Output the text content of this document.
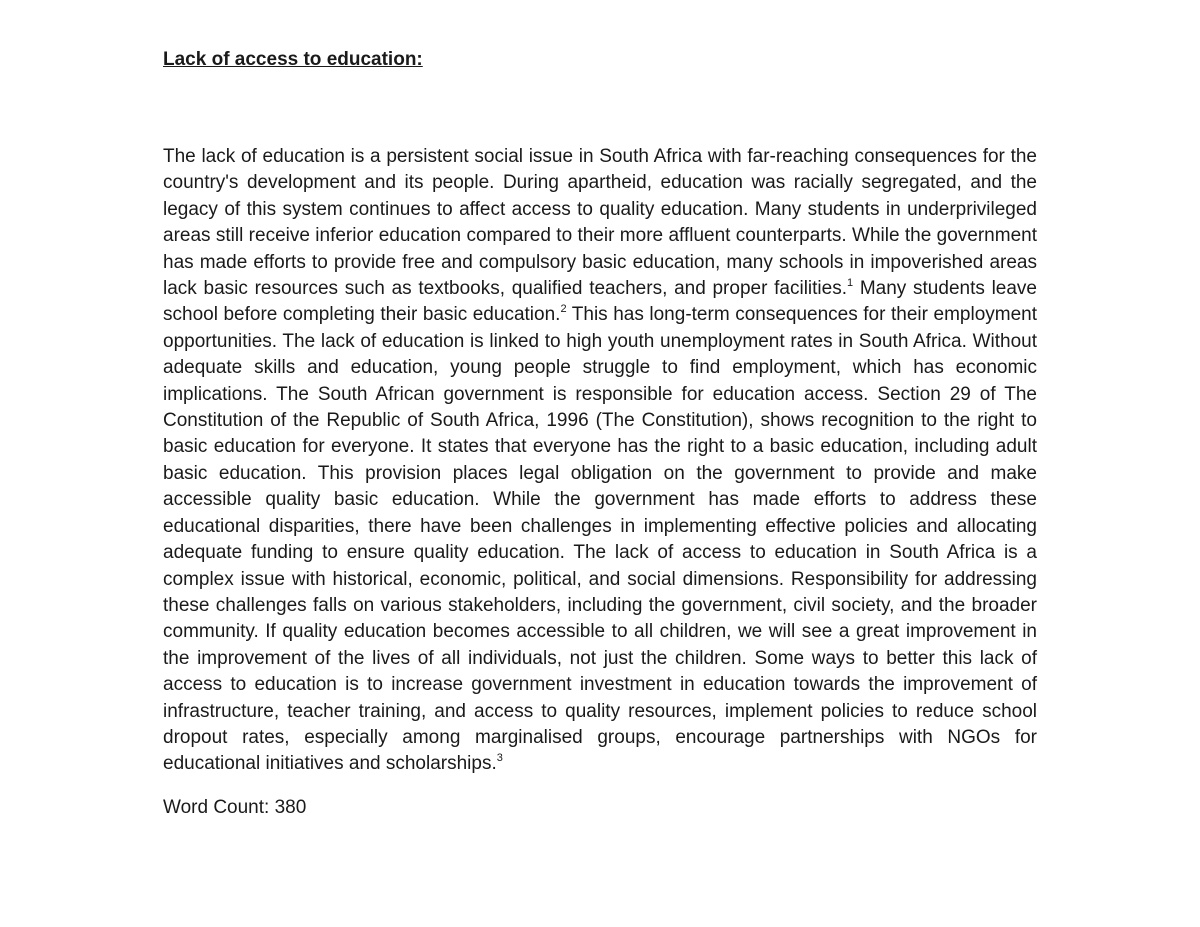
Lack of access to education:

The lack of education is a persistent social issue in South Africa with far-reaching consequences for the country's development and its people. During apartheid, education was racially segregated, and the legacy of this system continues to affect access to quality education. Many students in underprivileged areas still receive inferior education compared to their more affluent counterparts. While the government has made efforts to provide free and compulsory basic education, many schools in impoverished areas lack basic resources such as textbooks, qualified teachers, and proper facilities.$^1$ Many students leave school before completing their basic education.$^2$ This has long-term consequences for their employment opportunities. The lack of education is linked to high youth unemployment rates in South Africa. Without adequate skills and education, young people struggle to find employment, which has economic implications. The South African government is responsible for education access. Section 29 of The Constitution of the Republic of South Africa, 1996 (The Constitution), shows recognition to the right to basic education for everyone. It states that everyone has the right to a basic education, including adult basic education. This provision places legal obligation on the government to provide and make accessible quality basic education. While the government has made efforts to address these educational disparities, there have been challenges in implementing effective policies and allocating adequate funding to ensure quality education. The lack of access to education in South Africa is a complex issue with historical, economic, political, and social dimensions. Responsibility for addressing these challenges falls on various stakeholders, including the government, civil society, and the broader community. If quality education becomes accessible to all children, we will see a great improvement in the improvement of the lives of all individuals, not just the children. Some ways to better this lack of access to education is to increase government investment in education towards the improvement of infrastructure, teacher training, and access to quality resources, implement policies to reduce school dropout rates, especially among marginalised groups, encourage partnerships with NGOs for educational initiatives and scholarships.$^3$

Word Count: 380
